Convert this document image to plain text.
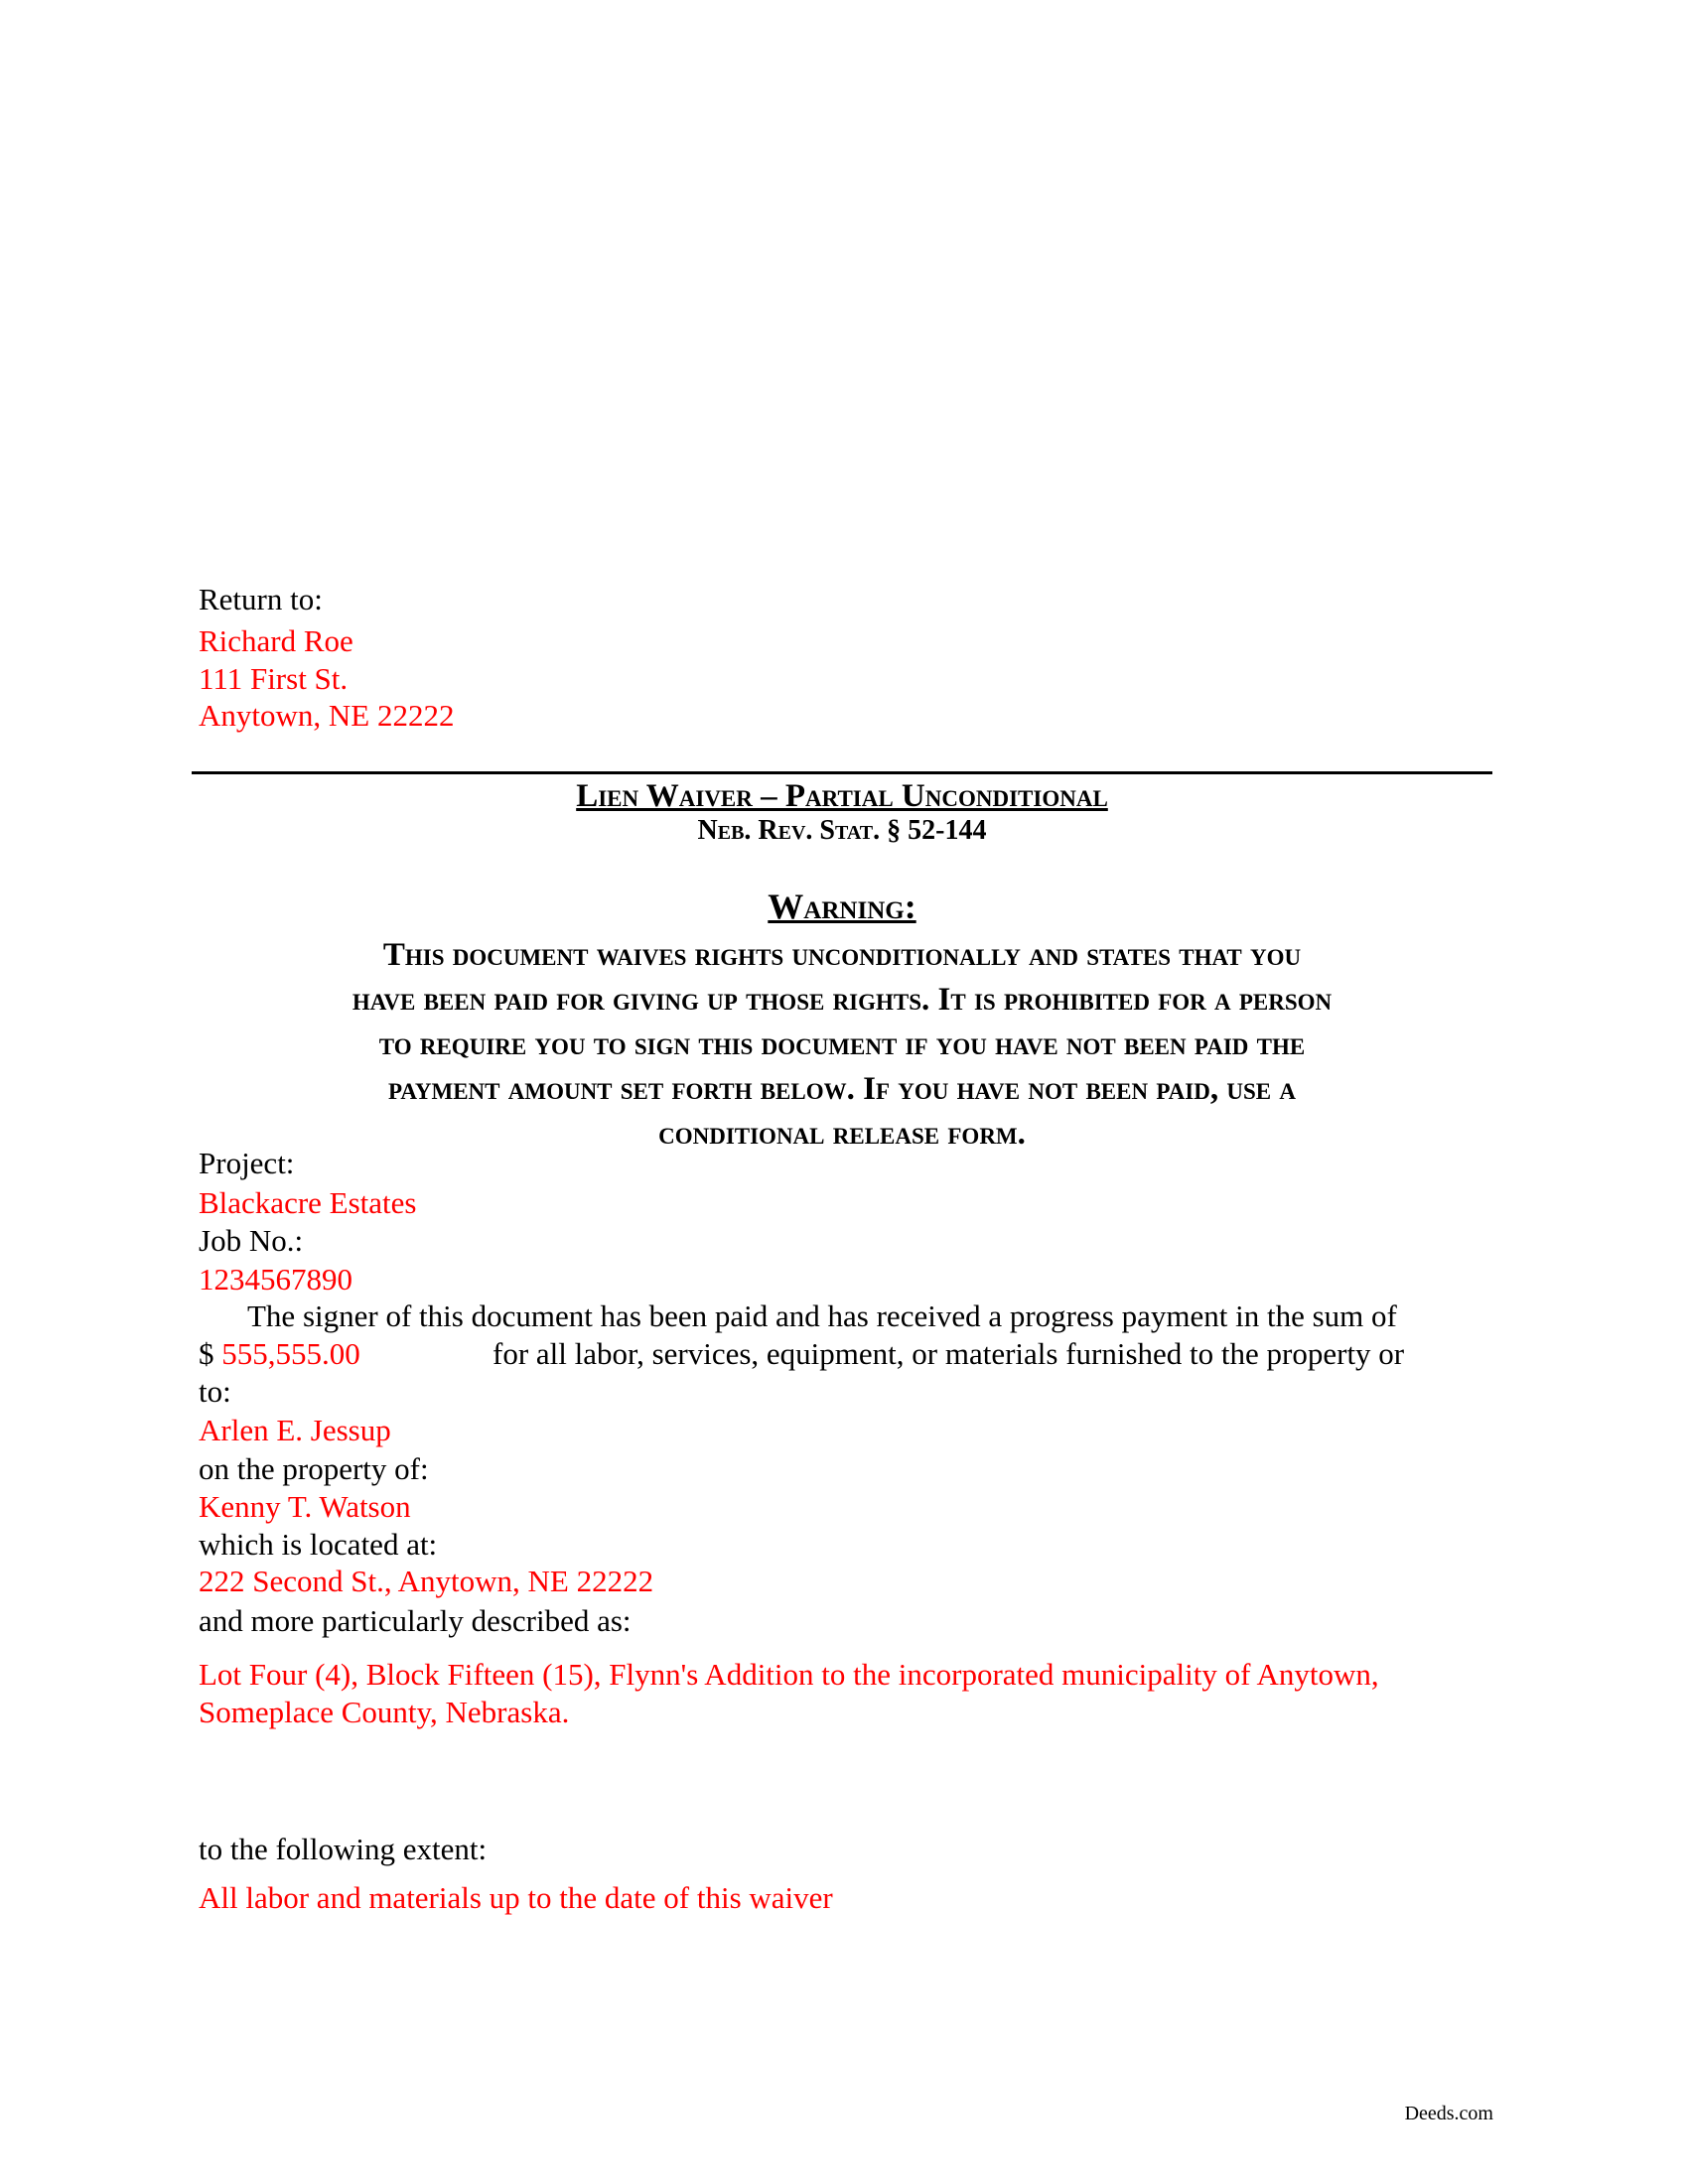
Return to:
Richard Roe
111 First St.
Anytown, NE 22222
Lien Waiver – Partial Unconditional
Neb. Rev. Stat. § 52-144
Warning:
This document waives rights unconditionally and states that you
have been paid for giving up those rights. It is prohibited for a person
to require you to sign this document if you have not been paid the
payment amount set forth below. If you have not been paid, use a
conditional release form.
Project:
Blackacre Estates
Job No.:
1234567890
The signer of this document has been paid and has received a progress payment in the sum of
$ 555,555.00	for all labor, services, equipment, or materials furnished to the property or
to:
Arlen E. Jessup
on the property of:
Kenny T. Watson
which is located at:
222 Second St., Anytown, NE 22222
and more particularly described as:
Lot Four (4), Block Fifteen (15), Flynn's Addition to the incorporated municipality of Anytown, Someplace County, Nebraska.
to the following extent:
All labor and materials up to the date of this waiver
Deeds.com
